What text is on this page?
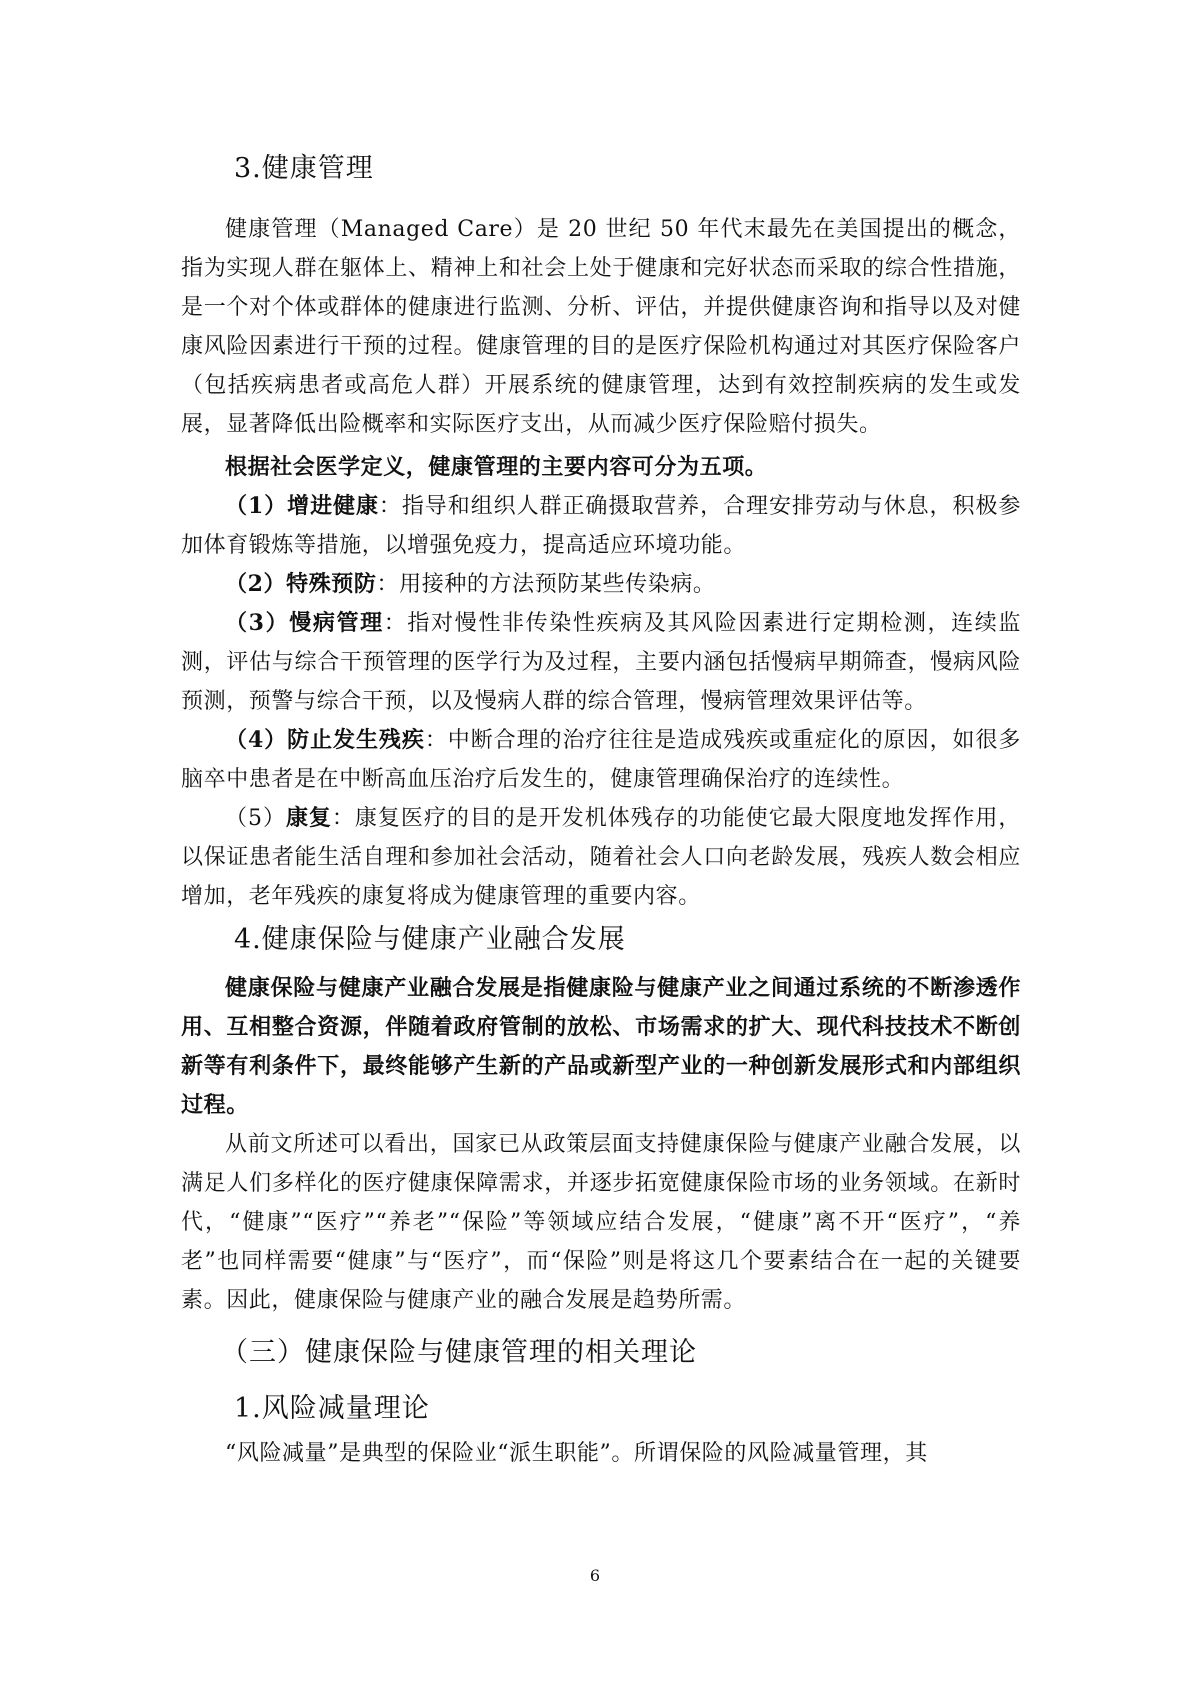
3.健康管理

健康管理（Managed Care）是 20 世纪 50 年代末最先在美国提出的概念，指为实现人群在躯体上、精神上和社会上处于健康和完好状态而采取的综合性措施，是一个对个体或群体的健康进行监测、分析、评估，并提供健康咨询和指导以及对健康风险因素进行干预的过程。健康管理的目的是医疗保险机构通过对其医疗保险客户（包括疾病患者或高危人群）开展系统的健康管理，达到有效控制疾病的发生或发展，显著降低出险概率和实际医疗支出，从而减少医疗保险赔付损失。

根据社会医学定义，健康管理的主要内容可分为五项。

（1）增进健康：指导和组织人群正确摄取营养，合理安排劳动与休息，积极参加体育锻炼等措施，以增强免疫力，提高适应环境功能。

（2）特殊预防：用接种的方法预防某些传染病。

（3）慢病管理：指对慢性非传染性疾病及其风险因素进行定期检测，连续监测，评估与综合干预管理的医学行为及过程，主要内涵包括慢病早期筛查，慢病风险预测，预警与综合干预，以及慢病人群的综合管理，慢病管理效果评估等。

（4）防止发生残疾：中断合理的治疗往往是造成残疾或重症化的原因，如很多脑卒中患者是在中断高血压治疗后发生的，健康管理确保治疗的连续性。

（5）康复：康复医疗的目的是开发机体残存的功能使它最大限度地发挥作用，以保证患者能生活自理和参加社会活动，随着社会人口向老龄发展，残疾人数会相应增加，老年残疾的康复将成为健康管理的重要内容。

4.健康保险与健康产业融合发展

健康保险与健康产业融合发展是指健康险与健康产业之间通过系统的不断渗透作用、互相整合资源，伴随着政府管制的放松、市场需求的扩大、现代科技技术不断创新等有利条件下，最终能够产生新的产品或新型产业的一种创新发展形式和内部组织过程。

从前文所述可以看出，国家已从政策层面支持健康保险与健康产业融合发展，以满足人们多样化的医疗健康保障需求，并逐步拓宽健康保险市场的业务领域。在新时代，“健康”“医疗”“养老”“保险”等领域应结合发展，“健康”离不开“医疗”，“养老”也同样需要“健康”与“医疗”，而“保险”则是将这几个要素结合在一起的关键要素。因此，健康保险与健康产业的融合发展是趋势所需。

（三）健康保险与健康管理的相关理论
1.风险减量理论

“风险减量”是典型的保险业“派生职能”。所谓保险的风险减量管理，其

6
